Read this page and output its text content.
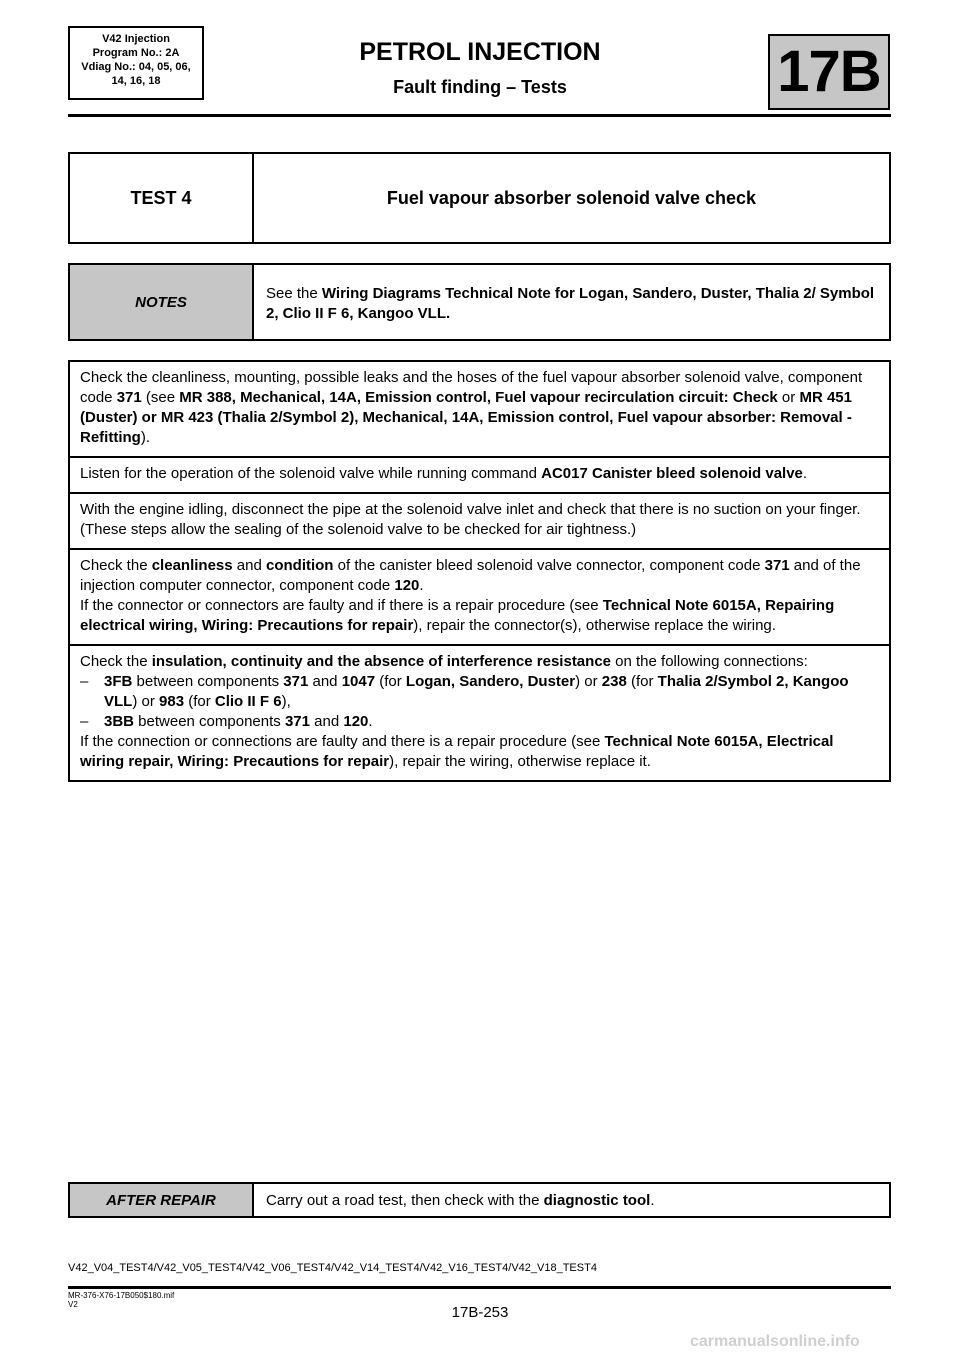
V42 Injection
Program No.: 2A
Vdiag No.: 04, 05, 06,
14, 16, 18
PETROL INJECTION
Fault finding – Tests	17B
TEST 4	Fuel vapour absorber solenoid valve check
NOTES	See the Wiring Diagrams Technical Note for Logan, Sandero, Duster, Thalia 2/ Symbol 2, Clio II F 6, Kangoo VLL.
Check the cleanliness, mounting, possible leaks and the hoses of the fuel vapour absorber solenoid valve, component code 371 (see MR 388, Mechanical, 14A, Emission control, Fuel vapour recirculation circuit: Check or MR 451 (Duster) or MR 423 (Thalia 2/Symbol 2), Mechanical, 14A, Emission control, Fuel vapour absorber: Removal - Refitting).
Listen for the operation of the solenoid valve while running command AC017 Canister bleed solenoid valve.
With the engine idling, disconnect the pipe at the solenoid valve inlet and check that there is no suction on your finger. (These steps allow the sealing of the solenoid valve to be checked for air tightness.)
Check the cleanliness and condition of the canister bleed solenoid valve connector, component code 371 and of the injection computer connector, component code 120.
If the connector or connectors are faulty and if there is a repair procedure (see Technical Note 6015A, Repairing electrical wiring, Wiring: Precautions for repair), repair the connector(s), otherwise replace the wiring.
Check the insulation, continuity and the absence of interference resistance on the following connections:
–	3FB between components 371 and 1047 (for Logan, Sandero, Duster) or 238 (for Thalia 2/Symbol 2, Kangoo VLL) or 983 (for Clio II F 6),
–	3BB between components 371 and 120.
If the connection or connections are faulty and there is a repair procedure (see Technical Note 6015A, Electrical wiring repair, Wiring: Precautions for repair), repair the wiring, otherwise replace it.
AFTER REPAIR	Carry out a road test, then check with the diagnostic tool.
V42_V04_TEST4/V42_V05_TEST4/V42_V06_TEST4/V42_V14_TEST4/V42_V16_TEST4/V42_V18_TEST4
MR-376-X76-17B050$180.mif
V2	17B-253
carmanualsonline.info
